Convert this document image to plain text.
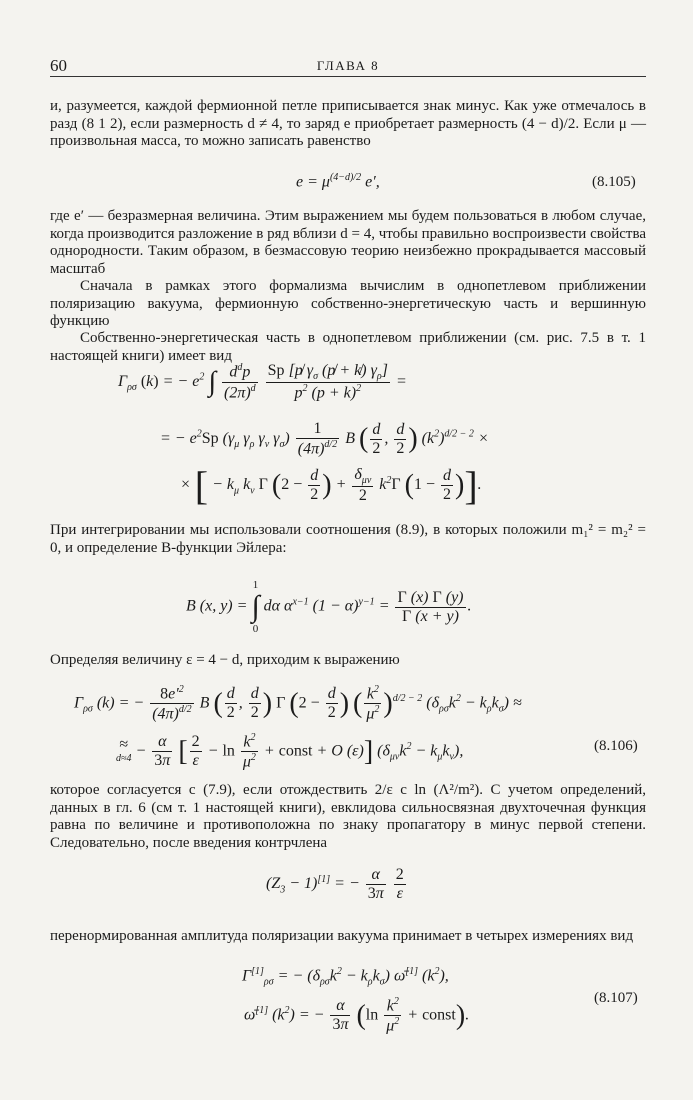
60	ГЛАВА 8

и, разумеется, каждой фермионной петле приписывается знак минус. Как уже отмечалось в разд (8 1 2), если размерность d ≠ 4, то заряд e приобретает размерность (4 − d)/2. Если μ — произвольная масса, то можно записать равенство

$e = \mu^{(4-d)/2}$ e′,	(8.105)

где e′ — безразмерная величина. Этим выражением мы будем пользоваться в любом случае, когда производится разложение в ряд вблизи d = 4, чтобы правильно воспроизвести свойства однородности. Таким образом, в безмассовую теорию неизбежно прокрадывается массовый масштаб

Сначала в рамках этого формализма вычислим в однопетлевом приближении поляризацию вакуума, фермионную собственно-энергетическую часть и вершинную функцию

Собственно-энергетическая часть в однопетлевом приближении (см. рис. 7.5 в т. 1 настоящей книги) имеет вид

$\Gamma_{\rho\sigma}$ (k) = − $e^2$ ∫ $\frac{d^dp}{(2\pi)^d}$
$\frac{Sp [p̸ \gamma_\sigma (p̸ + k̸) \gamma_\rho]}{p^2 (p + k)^2}$ =
= − $e^2Sp$ ($\gamma_\mu$ $\gamma_\rho$ $\gamma_\nu$ $\gamma_\sigma) \frac{1}{(4\pi)^{d/2}}$ B ( $\frac{d}{2}$ , $\frac{d}{2}$ ) $(k^2)^{d/2 - 2}$ ×
× [ − $k_\mu$ $k_\nu$ Γ ($2 - \frac{d}{2}$ ) + $\frac{\delta_{\mu\nu}}{2} k^2\Gamma$ ($1 - \frac{d}{2}$ )].

При интегрировании мы использовали соотношения (8.9), в которых положили m₁² = m₂² = 0, и определение B-функции Эйлера:

B (x, y) =
1
∫
0
dα $\alpha^{x-1}$ $(1 - \alpha)^{y-1} = \frac{\Gamma (x) \Gamma (y)}{\Gamma (x + y)}$ .

Определяя величину ε = 4 − d, приходим к выражению

$\Gamma_{\rho\sigma}$ (k) = − $\frac{8e'^2}{(4\pi)^{d/2}}$ B ( $\frac{d}{2}$ , $\frac{d}{2}$ ) Γ ($2 - \frac{d}{2}$ ) ( $\frac{k^2}{\mu^2} )^{d/2 - 2}$ $(\delta_{\rho\sigma}k^2 - k_\rho k_\sigma)$ ≈
≈
$d\approx 4 - \frac{\alpha}{3\pi}$ [ $\frac{2}{\varepsilon} - \ln \frac{k^2}{\mu^2}$ + const + O (ε)] $(\delta_{\mu\nu}k^2 - k_\mu k_\nu)$,	(8.106)

которое согласуется с (7.9), если отождествить 2/ε с ln (Λ²/m²). С учетом определений, данных в гл. 6 (см т. 1 настоящей книги), евклидова сильносвязная двухточечная функция равна по величине и противоположна по знаку пропагатору в минус первой степени. Следовательно, после введения контрчлена

$(Z_3 - 1)[1]$ = − $\frac{\alpha}{3\pi}$
$\frac{2}{\varepsilon}$

перенормированная амплитуда поляризации вакуума принимает в четырех измерениях вид

$\Gamma[1]_{\rho\sigma}$ = − $(\delta_{\rho\sigma}k^2 - k_\rho k_\sigma)$ ω̄[1] $(k^2)$,
ω̄[1] $(k^2)$ = − $\frac{\alpha}{3\pi} (\ln \frac{k^2}{\mu^2}$ + const).
(8.107)
